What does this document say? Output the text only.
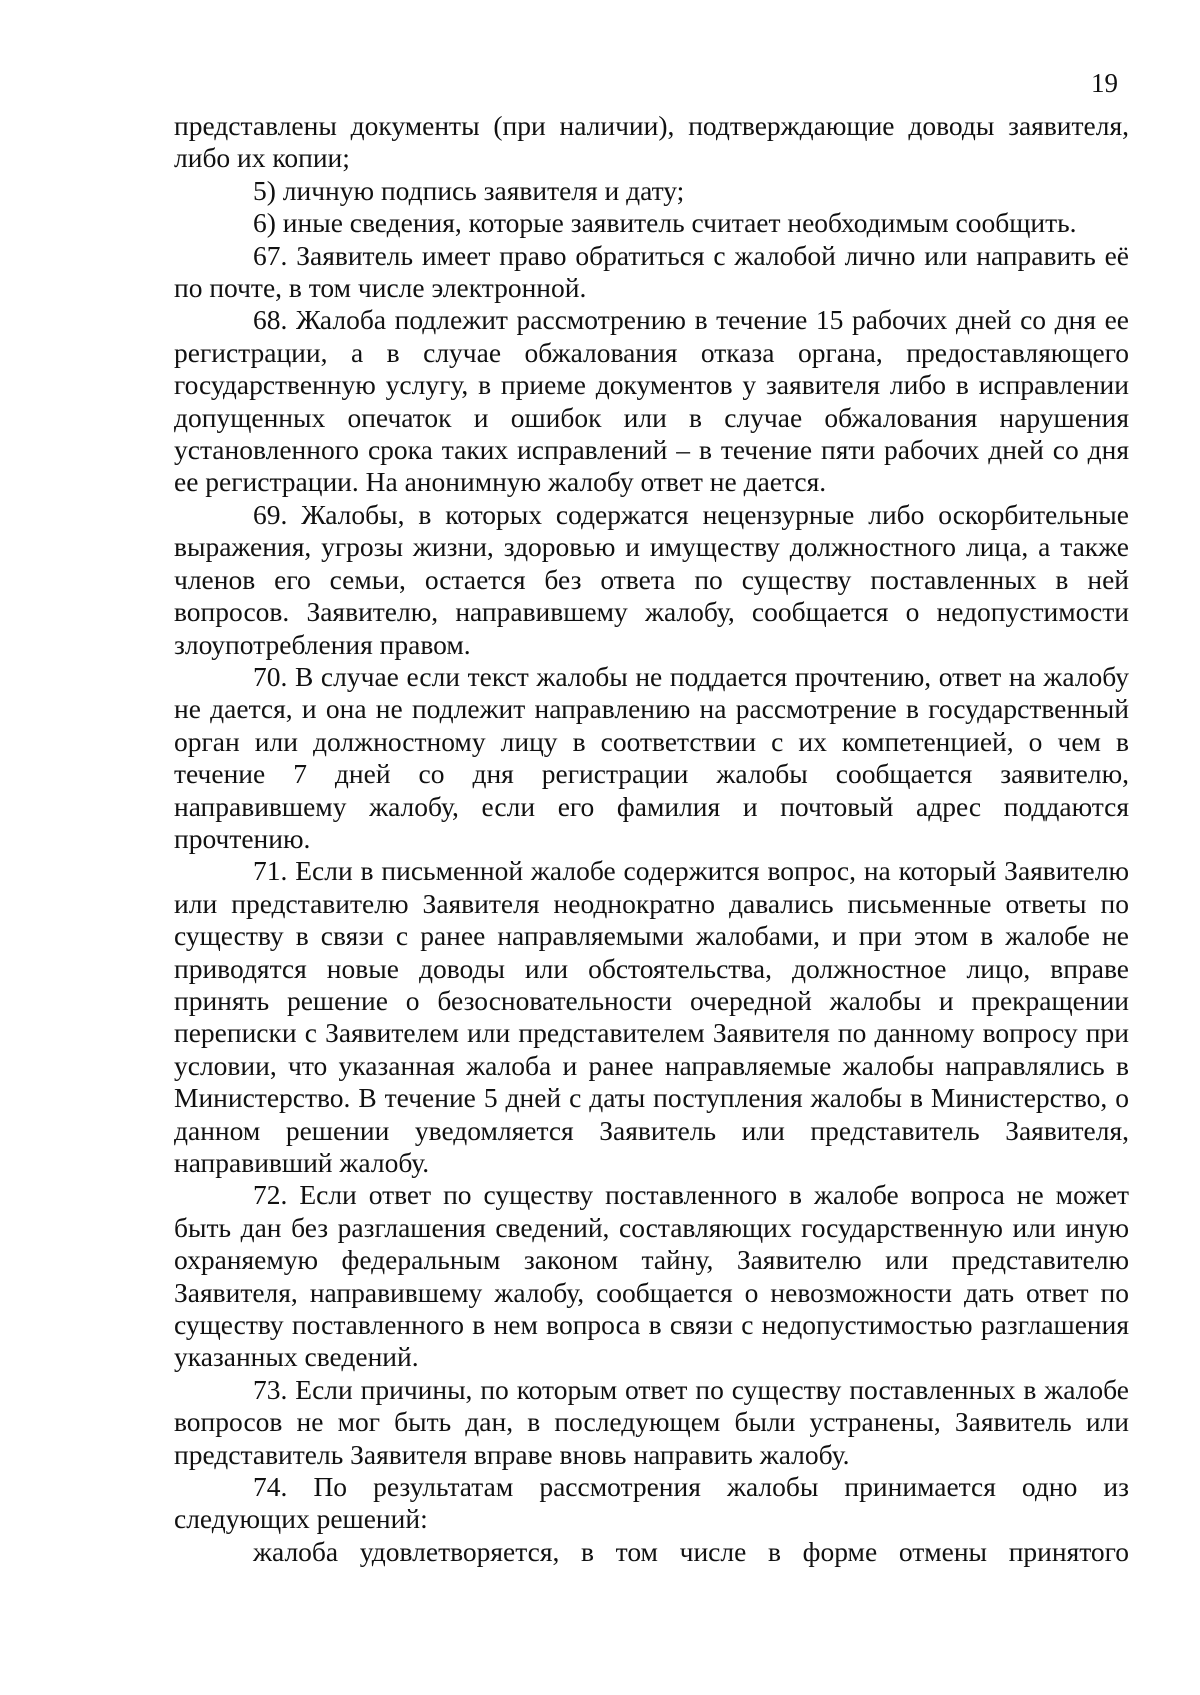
19

представлены документы (при наличии), подтверждающие доводы заявителя, либо их копии;

5) личную подпись заявителя и дату;

6) иные сведения, которые заявитель считает необходимым сообщить.

67. Заявитель имеет право обратиться с жалобой лично или направить её по почте, в том числе электронной.

68. Жалоба подлежит рассмотрению в течение 15 рабочих дней со дня ее регистрации, а в случае обжалования отказа органа, предоставляющего государственную услугу, в приеме документов у заявителя либо в исправлении допущенных опечаток и ошибок или в случае обжалования нарушения установленного срока таких исправлений – в течение пяти рабочих дней со дня ее регистрации. На анонимную жалобу ответ не дается.

69. Жалобы, в которых содержатся нецензурные либо оскорбительные выражения, угрозы жизни, здоровью и имуществу должностного лица, а также членов его семьи, остается без ответа по существу поставленных в ней вопросов. Заявителю, направившему жалобу, сообщается о недопустимости злоупотребления правом.

70. В случае если текст жалобы не поддается прочтению, ответ на жалобу не дается, и она не подлежит направлению на рассмотрение в государственный орган или должностному лицу в соответствии с их компетенцией, о чем в течение 7 дней со дня регистрации жалобы сообщается заявителю, направившему жалобу, если его фамилия и почтовый адрес поддаются прочтению.

71. Если в письменной жалобе содержится вопрос, на который Заявителю или представителю Заявителя неоднократно давались письменные ответы по существу в связи с ранее направляемыми жалобами, и при этом в жалобе не приводятся новые доводы или обстоятельства, должностное лицо, вправе принять решение о безосновательности очередной жалобы и прекращении переписки с Заявителем или представителем Заявителя по данному вопросу при условии, что указанная жалоба и ранее направляемые жалобы направлялись в Министерство. В течение 5 дней с даты поступления жалобы в Министерство, о данном решении уведомляется Заявитель или представитель Заявителя, направивший жалобу.

72. Если ответ по существу поставленного в жалобе вопроса не может быть дан без разглашения сведений, составляющих государственную или иную охраняемую федеральным законом тайну, Заявителю или представителю Заявителя, направившему жалобу, сообщается о невозможности дать ответ по существу поставленного в нем вопроса в связи с недопустимостью разглашения указанных сведений.

73. Если причины, по которым ответ по существу поставленных в жалобе вопросов не мог быть дан, в последующем были устранены, Заявитель или представитель Заявителя вправе вновь направить жалобу.

74. По результатам рассмотрения жалобы принимается одно из следующих решений:

жалоба удовлетворяется, в том числе в форме отмены принятого
